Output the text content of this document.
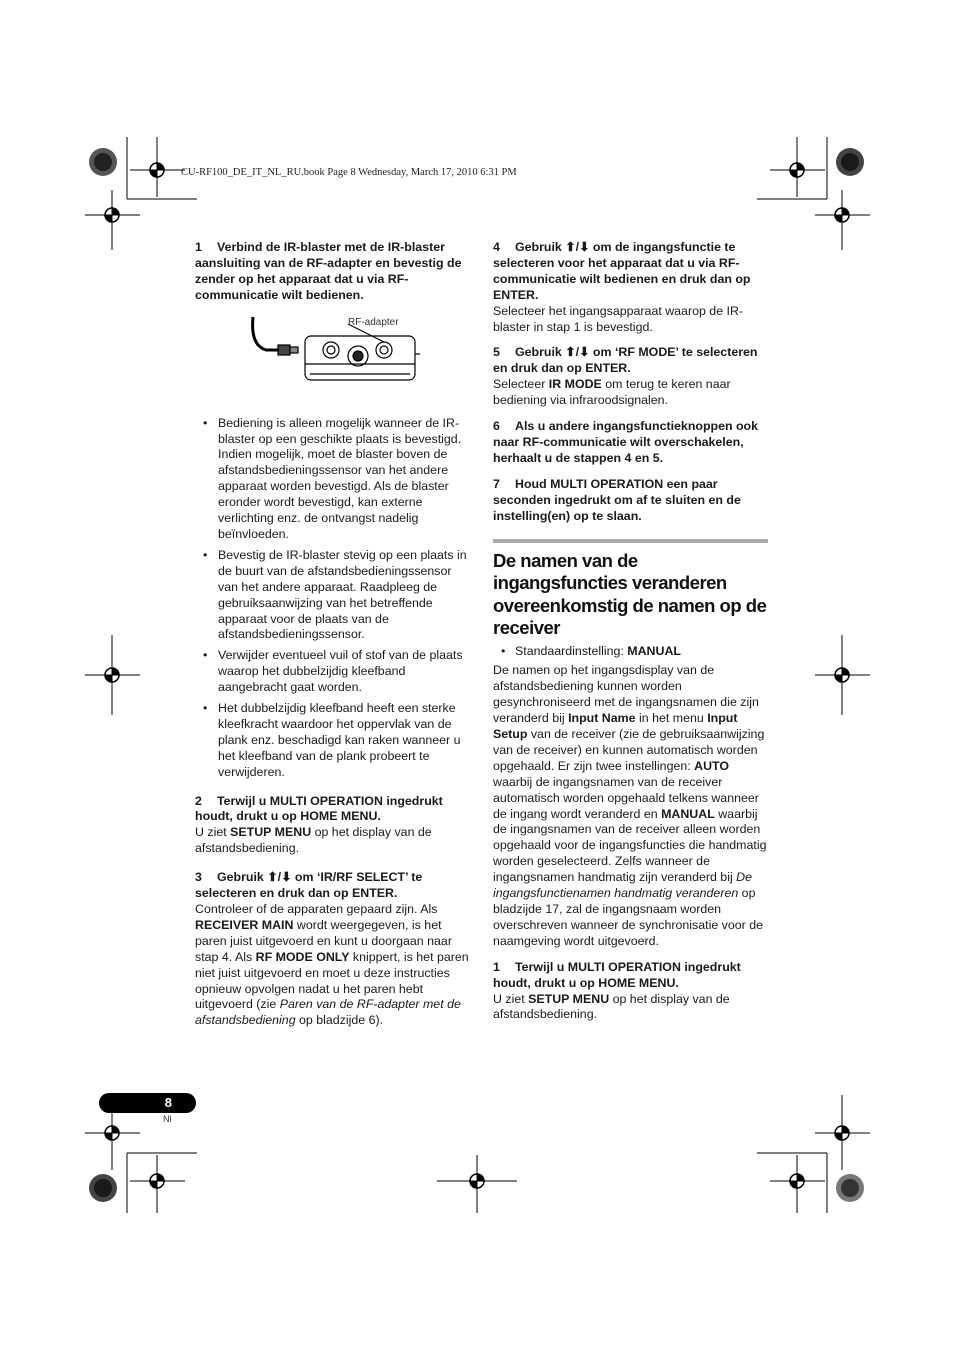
CU-RF100_DE_IT_NL_RU.book Page 8 Wednesday, March 17, 2010 6:31 PM

1 Verbind de IR-blaster met de IR-blaster aansluiting van de RF-adapter en bevestig de zender op het apparaat dat u via RF-communicatie wilt bedienen.

• Bediening is alleen mogelijk wanneer de IR-blaster op een geschikte plaats is bevestigd. Indien mogelijk, moet de blaster boven de afstandsbedieningssensor van het andere apparaat worden bevestigd. Als de blaster eronder wordt bevestigd, kan externe verlichting enz. de ontvangst nadelig beïnvloeden.
• Bevestig de IR-blaster stevig op een plaats in de buurt van de afstandsbedieningssensor van het andere apparaat. Raadpleeg de gebruiksaanwijzing van het betreffende apparaat voor de plaats van de afstandsbedieningssensor.
• Verwijder eventueel vuil of stof van de plaats waarop het dubbelzijdig kleefband aangebracht gaat worden.
• Het dubbelzijdig kleefband heeft een sterke kleefkracht waardoor het oppervlak van de plank enz. beschadigd kan raken wanneer u het kleefband van de plank probeert te verwijderen.

2 Terwijl u MULTI OPERATION ingedrukt houdt, drukt u op HOME MENU.

U ziet SETUP MENU op het display van de afstandsbediening.

3 Gebruik ⬆/⬇ om ‘IR/RF SELECT’ te selecteren en druk dan op ENTER.

Controleer of de apparaten gepaard zijn. Als RECEIVER MAIN wordt weergegeven, is het paren juist uitgevoerd en kunt u doorgaan naar stap 4. Als RF MODE ONLY knippert, is het paren niet juist uitgevoerd en moet u deze instructies opnieuw opvolgen nadat u het paren hebt uitgevoerd (zie Paren van de RF-adapter met de afstandsbediening op bladzijde 6).

RF-adapter

4 Gebruik ⬆/⬇ om de ingangsfunctie te selecteren voor het apparaat dat u via RF-communicatie wilt bedienen en druk dan op ENTER.

Selecteer het ingangsapparaat waarop de IR-blaster in stap 1 is bevestigd.

5 Gebruik ⬆/⬇ om ‘RF MODE’ te selecteren en druk dan op ENTER.

Selecteer IR MODE om terug te keren naar bediening via infraroodsignalen.

6 Als u andere ingangsfunctieknoppen ook naar RF-communicatie wilt overschakelen, herhaalt u de stappen 4 en 5.

7 Houd MULTI OPERATION een paar seconden ingedrukt om af te sluiten en de instelling(en) op te slaan.

De namen van de ingangsfuncties veranderen overeenkomstig de namen op de receiver
• Standaardinstelling: MANUAL

De namen op het ingangsdisplay van de afstandsbediening kunnen worden gesynchroniseerd met de ingangsnamen die zijn veranderd bij Input Name in het menu Input Setup van de receiver (zie de gebruiksaanwijzing van de receiver) en kunnen automatisch worden opgehaald. Er zijn twee instellingen: AUTO waarbij de ingangsnamen van de receiver automatisch worden opgehaald telkens wanneer de ingang wordt veranderd en MANUAL waarbij de ingangsnamen van de receiver alleen worden opgehaald voor de ingangsfuncties die handmatig worden geselecteerd. Zelfs wanneer de ingangsnamen handmatig zijn veranderd bij De ingangsfunctienamen handmatig veranderen op bladzijde 17, zal de ingangsnaam worden overschreven wanneer de synchronisatie voor de naamgeving wordt uitgevoerd.

1 Terwijl u MULTI OPERATION ingedrukt houdt, drukt u op HOME MENU.

U ziet SETUP MENU op het display van de afstandsbediening.

8
Nl
